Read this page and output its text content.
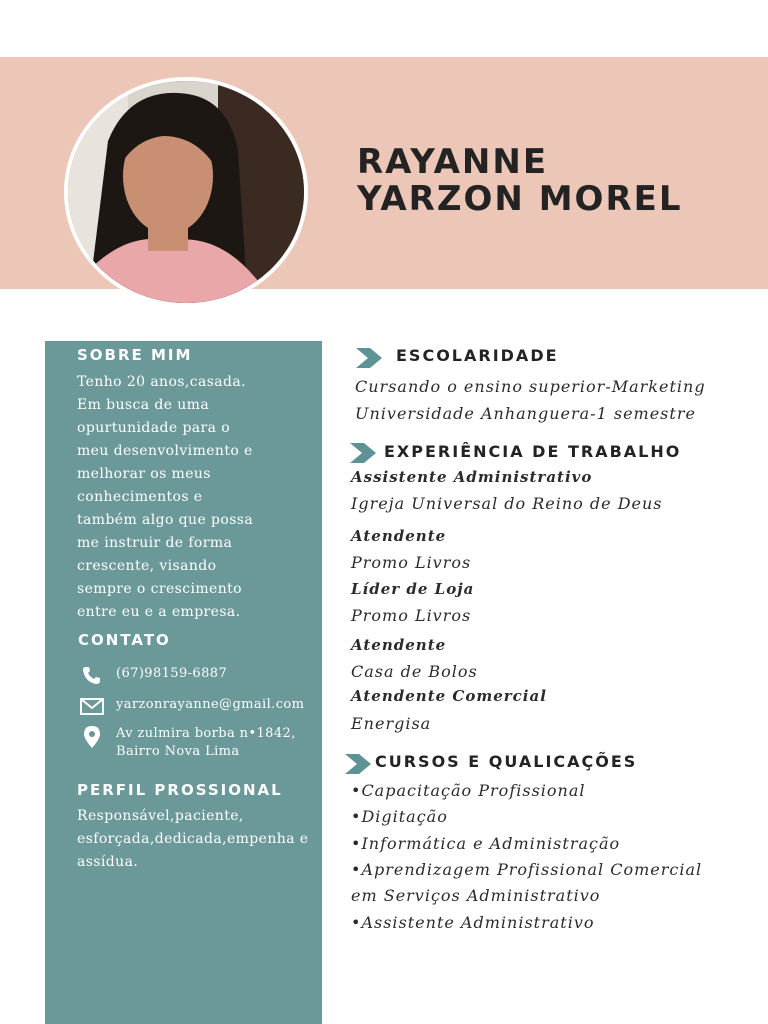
RAYANNE
YARZON MOREL
SOBRE MIM
Tenho 20 anos,casada.
Em busca de uma
opurtunidade para o
meu desenvolvimento e
melhorar os meus
conhecimentos e
também algo que possa
me instruir de forma
crescente, visando
sempre o crescimento
entre eu e a empresa.
CONTATO
(67)98159-6887
yarzonrayanne@gmail.com
Av zulmira borba n•1842,
Bairro Nova Lima
PERFIL PROSSIONAL
Responsável,paciente,
esforçada,dedicada,empenha e
assídua.
ESCOLARIDADE

Cursando o ensino superior-Marketing

Universidade Anhanguera-1 semestre

EXPERIÊNCIA DE TRABALHO

Assistente Administrativo

Igreja Universal do Reino de Deus

Atendente

Promo Livros

Líder de Loja

Promo Livros

Atendente

Casa de Bolos

Atendente Comercial

Energisa

CURSOS E QUALICAÇÕES

•Capacitação Profissional

•Digitação

•Informática e Administração

•Aprendizagem Profissional Comercial

em Serviços Administrativo

•Assistente Administrativo
